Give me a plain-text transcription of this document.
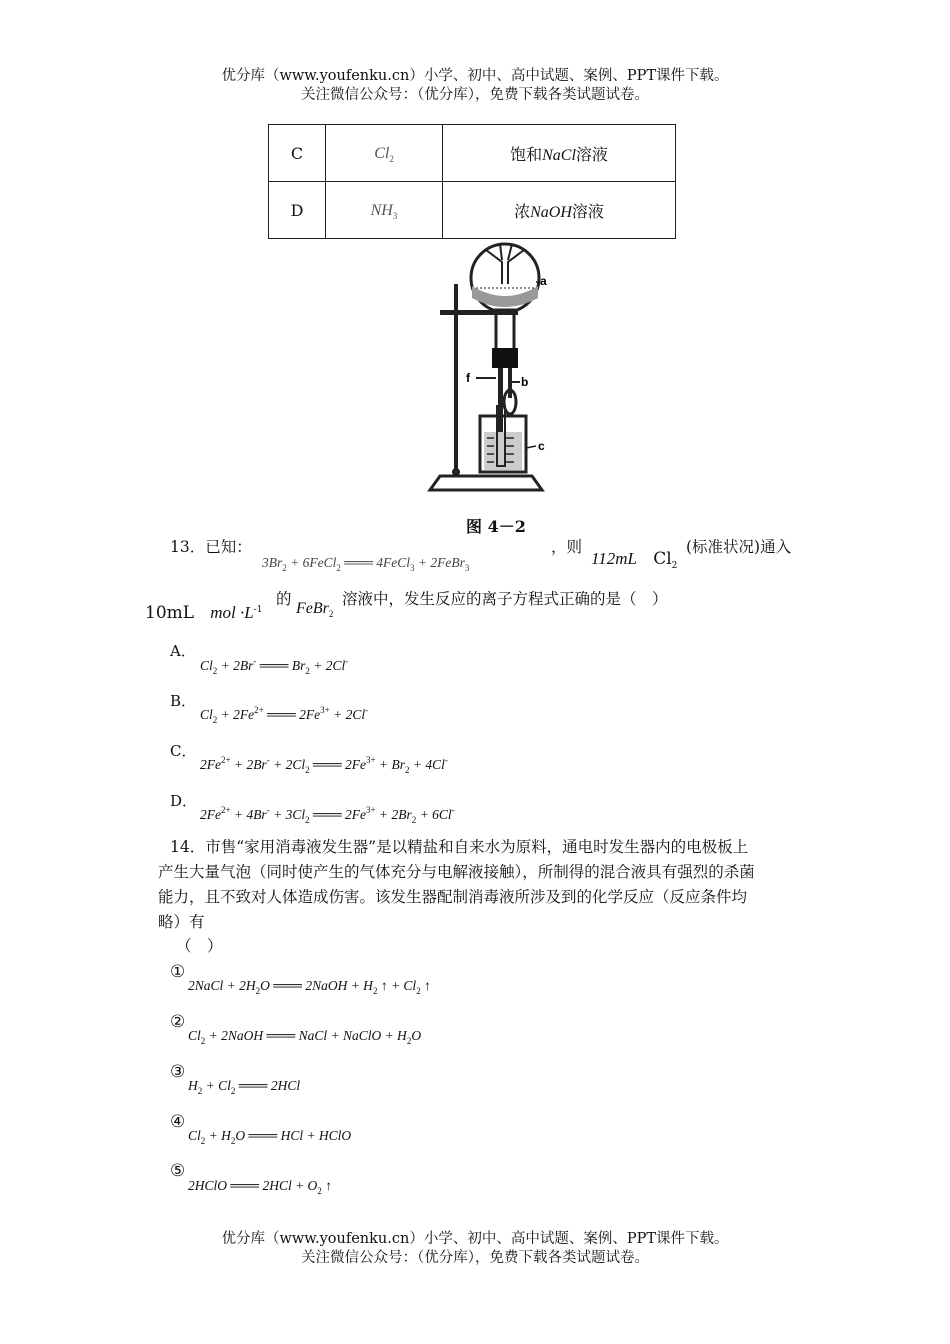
优分库（www.youfenku.cn）小学、初中、高中试题、案例、PPT课件下载。
关注微信公众号：（优分库），免费下载各类试题试卷。
C	$Cl_2$	饱和NaCl溶液
D	$NH_3$	浓NaOH溶液
a
b
c
f
图 4－2
13．已知：
$3Br_2$ + 6FeCl$_2$ ═══ 4FeCl$_3$ + 2FeBr$_3$
，则
112mL $Cl_2$
(标准状况)通入
10mL mol $\cdot L^{-1}$
的
FeBr$_2$
溶液中，发生反应的离子方程式正确的是（　）
A．
$Cl_2 + 2Br^-$ ═══ $Br_2 + 2Cl^-$
B．
$Cl_2 + 2Fe^{2+}$ ═══ $2Fe^{3+} + 2Cl^-$
C．
$2Fe^{2+} + 2Br^- + 2Cl_2$ ═══ $2Fe^{3+} + Br_2 + 4Cl^-$
D．
$2Fe^{2+} + 4Br^- + 3Cl_2$ ═══ $2Fe^{3+} + 2Br_2 + 6Cl^-$
14．市售“家用消毒液发生器”是以精盐和自来水为原料，通电时发生器内的电极板上
产生大量气泡（同时使产生的气体充分与电解液接触），所制得的混合液具有强烈的杀菌
能力，且不致对人体造成伤害。该发生器配制消毒液所涉及到的化学反应（反应条件均
略）有
（　）
①
2NaCl + $2H_2O$ ═══ 2NaOH + $H_2$ ↑ + $Cl_2$ ↑
②
$Cl_2$ + 2NaOH ═══ NaCl + NaClO + $H_2O$
③
$H_2 + Cl_2$ ═══ 2HCl
④
$Cl_2 + H_2O$ ═══ HCl + HClO
⑤
2HClO ═══ $2HCl + O_2$ ↑
优分库（www.youfenku.cn）小学、初中、高中试题、案例、PPT课件下载。
关注微信公众号：（优分库），免费下载各类试题试卷。
